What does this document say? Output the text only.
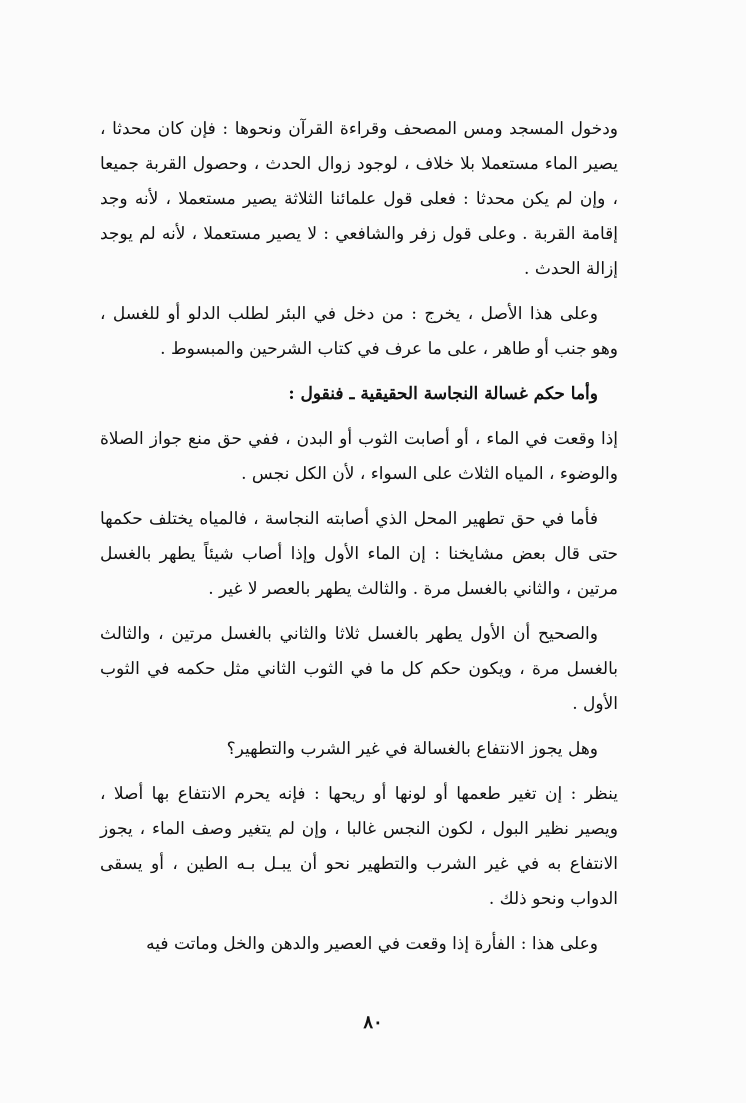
ودخول المسجد ومس المصحف وقراءة القرآن ونحوها : فإن كان محدثا ، يصير الماء مستعملا بلا خلاف ، لوجود زوال الحدث ، وحصول القربة جميعا ، وإن لم يكن محدثا : فعلى قول علمائنا الثلاثة يصير مستعملا ، لأنه وجد إقامة القربة . وعلى قول زفر والشافعي : لا يصير مستعملا ، لأنه لم يوجد إزالة الحدث .

وعلى هذا الأصل ، يخرج : من دخل في البئر لطلب الدلو أو للغسل ، وهو جنب أو طاهر ، على ما عرف في كتاب الشرحين والمبسوط .

وأما حكم غسالة النجاسة الحقيقية ـ فنقول :

إذا وقعت في الماء ، أو أصابت الثوب أو البدن ، ففي حق منع جواز الصلاة والوضوء ، المياه الثلاث على السواء ، لأن الكل نجس .

فأما في حق تطهير المحل الذي أصابته النجاسة ، فالمياه يختلف حكمها حتى قال بعض مشايخنا : إن الماء الأول وإذا أصاب شيئاً يطهر بالغسل مرتين ، والثاني بالغسل مرة . والثالث يطهر بالعصر لا غير .

والصحيح أن الأول يطهر بالغسل ثلاثا والثاني بالغسل مرتين ، والثالث بالغسل مرة ، ويكون حكم كل ما في الثوب الثاني مثل حكمه في الثوب الأول .

وهل يجوز الانتفاع بالغسالة في غير الشرب والتطهير؟

ينظر : إن تغير طعمها أو لونها أو ريحها : فإنه يحرم الانتفاع بها أصلا ، ويصير نظير البول ، لكون النجس غالبا ، وإن لم يتغير وصف الماء ، يجوز الانتفاع به في غير الشرب والتطهير نحو أن يبـل بـه الطين ، أو يسقى الدواب ونحو ذلك .

وعلى هذا : الفأرة إذا وقعت في العصير والدهن والخل وماتت فيه

٨٠
